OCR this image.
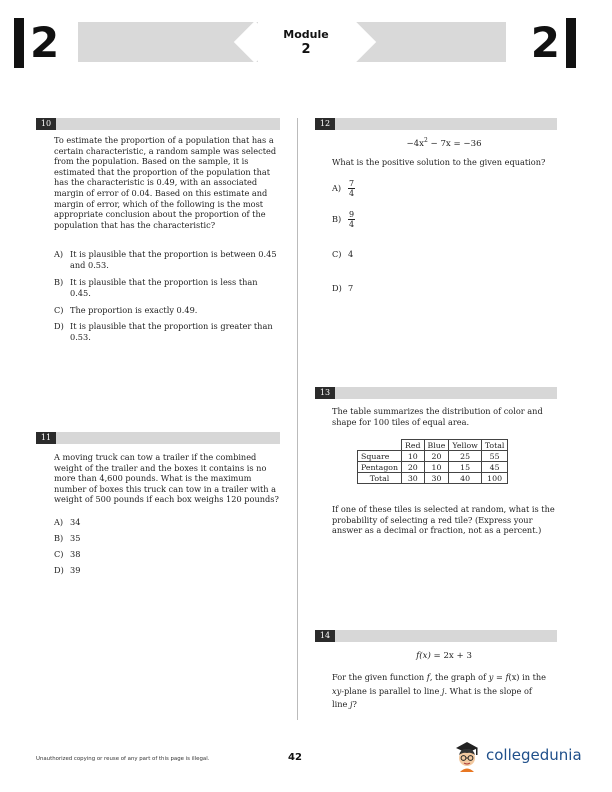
2	Module
2	2
10
To estimate the proportion of a population that has a
certain characteristic, a random sample was selected
from the population. Based on the sample, it is
estimated that the proportion of the population that
has the characteristic is 0.49, with an associated
margin of error of 0.04. Based on this estimate and
margin of error, which of the following is the most
appropriate conclusion about the proportion of the
population that has the characteristic?
A) It is plausible that the proportion is between 0.45
and 0.53.
B) It is plausible that the proportion is less than
0.45.
C) The proportion is exactly 0.49.
D) It is plausible that the proportion is greater than
0.53.
11
A moving truck can tow a trailer if the combined
weight of the trailer and the boxes it contains is no
more than 4,600 pounds. What is the maximum
number of boxes this truck can tow in a trailer with a
weight of 500 pounds if each box weighs 120 pounds?
A) 34
B) 35
C) 38
D) 39
12
$-4x^2 - 7x = -36$
What is the positive solution to the given equation?
$A) \frac{7}{4}$
$B) \frac{9}{4}$
C) 4
D) 7
13
The table summarizes the distribution of color and
shape for 100 tiles of equal area.
	Red	Blue	Yellow	Total
Square	10	20	25	55
Pentagon	20	10	15	45
Total	30	30	40	100
If one of these tiles is selected at random, what is the
probability of selecting a red tile? (Express your
answer as a decimal or fraction, not as a percent.)
14
f(x) = 2x + 3
For the given function f, the graph of y = f(x) in the
xy-plane is parallel to line j. What is the slope of
line j?
Unauthorized copying or reuse of any part of this page is illegal.	42	collegedunia
